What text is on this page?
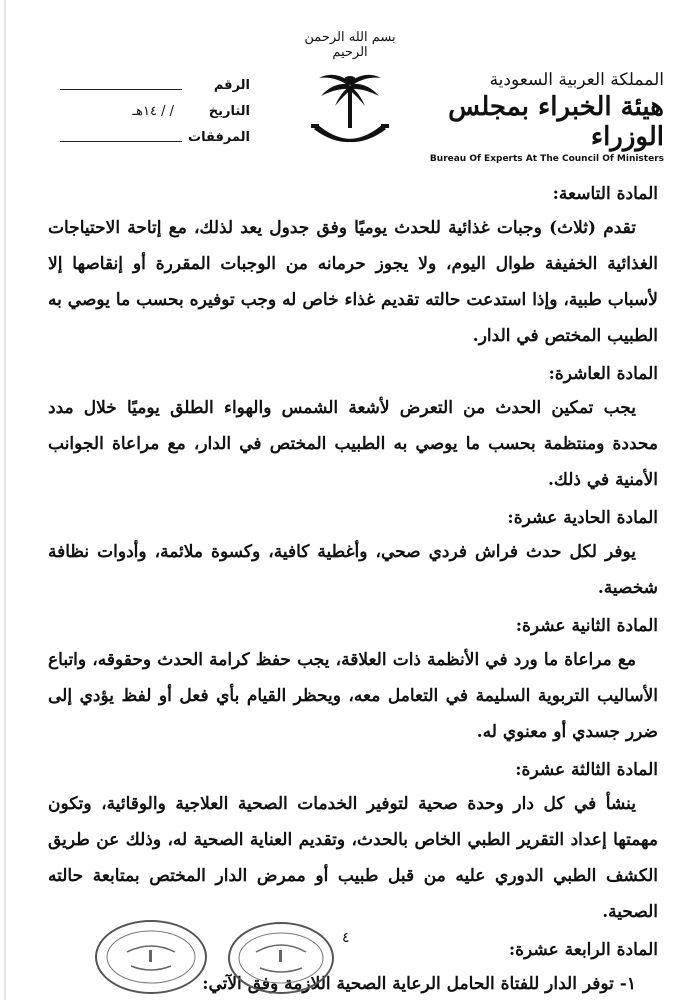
الرقم
التاريخ
/ / ١٤هـ
المرفقات
بسم الله الرحمن الرحيم
المملكة العربية السعودية
هيئة الخبراء بمجلس الوزراء
Bureau Of Experts At The Council Of Ministers

المادة التاسعة:

تقدم (ثلاث) وجبات غذائية للحدث يوميًا وفق جدول يعد لذلك، مع إتاحة الاحتياجات الغذائية الخفيفة طوال اليوم، ولا يجوز حرمانه من الوجبات المقررة أو إنقاصها إلا لأسباب طبية، وإذا استدعت حالته تقديم غذاء خاص له وجب توفيره بحسب ما يوصي به الطبيب المختص في الدار.

المادة العاشرة:

يجب تمكين الحدث من التعرض لأشعة الشمس والهواء الطلق يوميًا خلال مدد محددة ومنتظمة بحسب ما يوصي به الطبيب المختص في الدار، مع مراعاة الجوانب الأمنية في ذلك.

المادة الحادية عشرة:

يوفر لكل حدث فراش فردي صحي، وأغطية كافية، وكسوة ملائمة، وأدوات نظافة شخصية.

المادة الثانية عشرة:

مع مراعاة ما ورد في الأنظمة ذات العلاقة، يجب حفظ كرامة الحدث وحقوقه، واتباع الأساليب التربوية السليمة في التعامل معه، ويحظر القيام بأي فعل أو لفظ يؤدي إلى ضرر جسدي أو معنوي له.

المادة الثالثة عشرة:

ينشأ في كل دار وحدة صحية لتوفير الخدمات الصحية العلاجية والوقائية، وتكون مهمتها إعداد التقرير الطبي الخاص بالحدث، وتقديم العناية الصحية له، وذلك عن طريق الكشف الطبي الدوري عليه من قبل طبيب أو ممرض الدار المختص بمتابعة حالته الصحية.

المادة الرابعة عشرة:

١- توفر الدار للفتاة الحامل الرعاية الصحية اللازمة وفق الآتي:

٤
